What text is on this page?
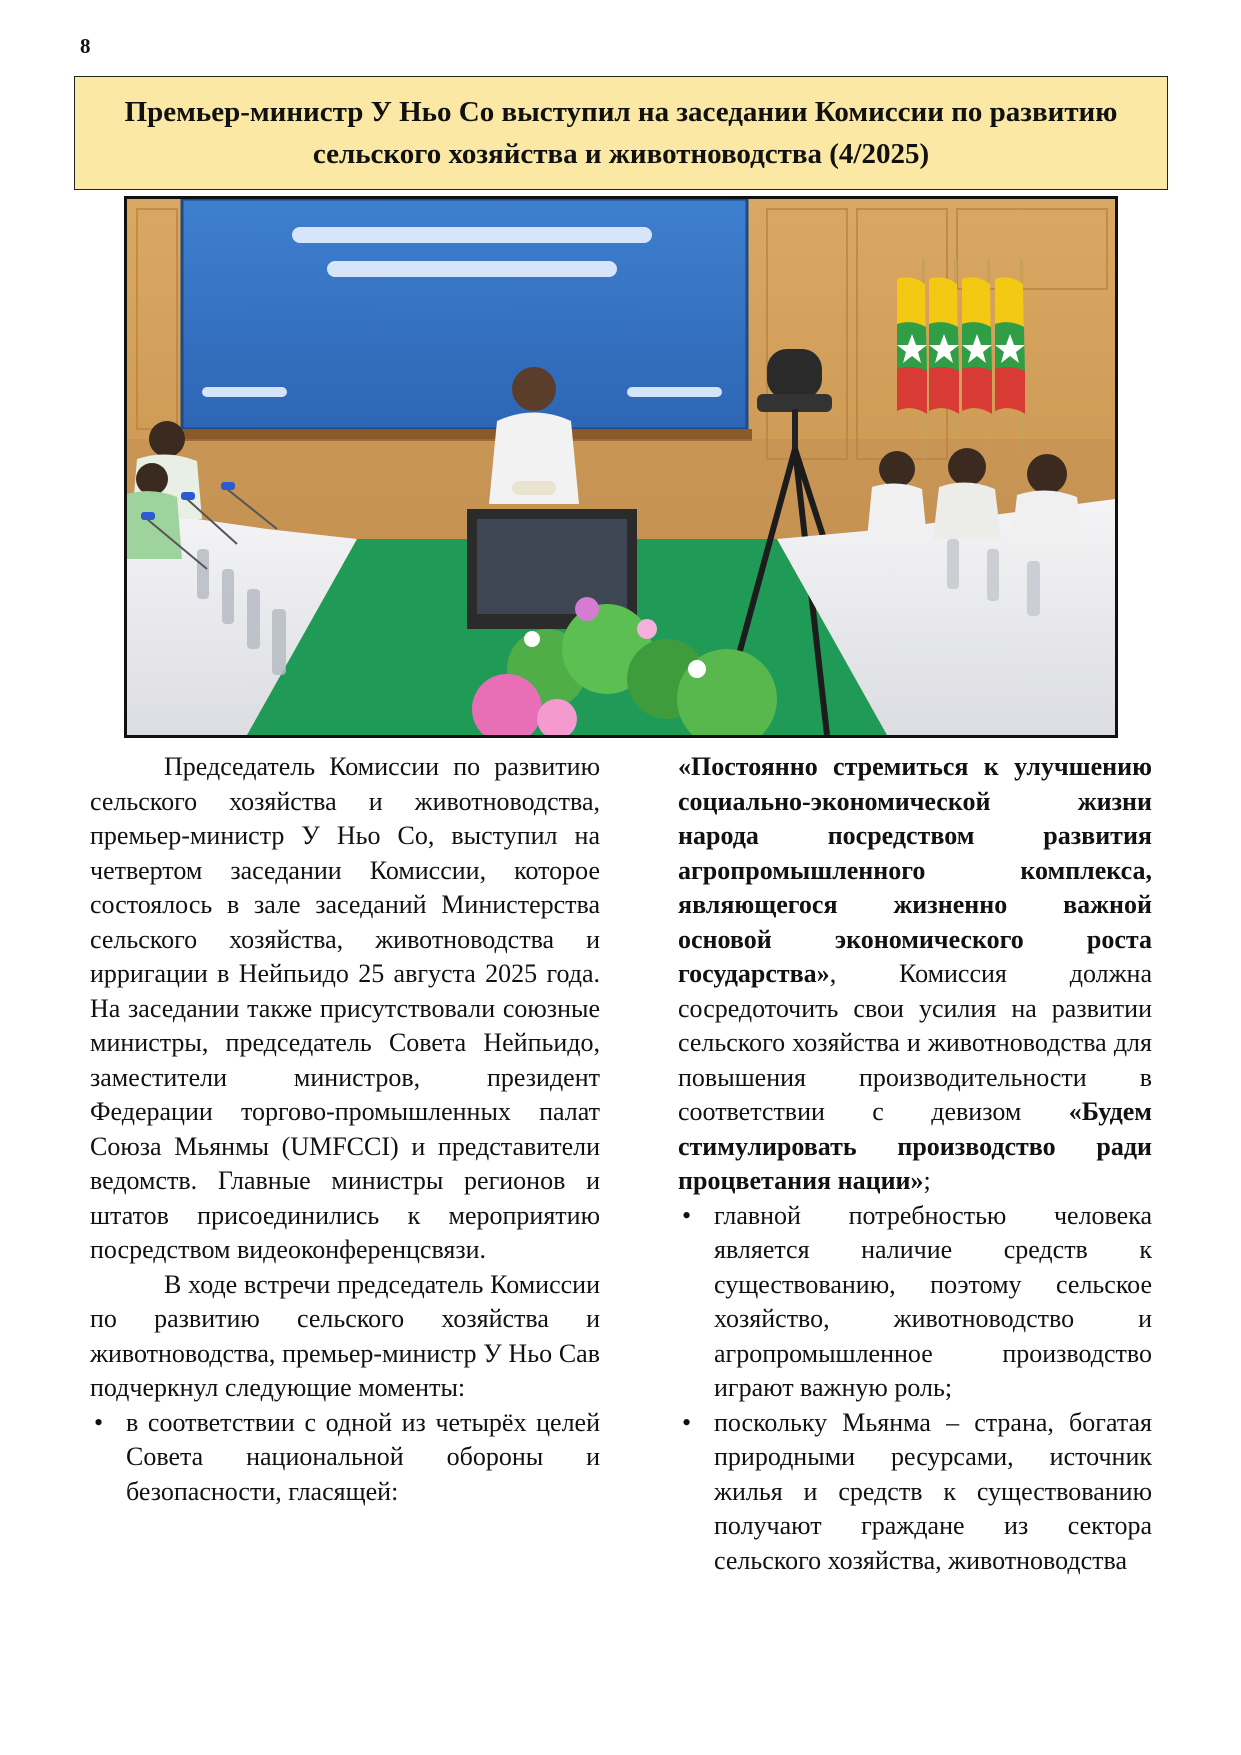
8
Премьер-министр У Ньо Со выступил на заседании Комиссии по развитию сельского хозяйства и животноводства (4/2025)

Председатель Комиссии по развитию сельского хозяйства и животноводства, премьер-министр У Ньо Со, выступил на четвертом заседании Комиссии, которое состоялось в зале заседаний Министерства сельского хозяйства, животноводства и ирригации в Нейпьидо 25 августа 2025 года. На заседании также присутствовали союзные министры, председатель Совета Нейпьидо, заместители министров, президент Федерации торгово-промышленных палат Союза Мьянмы (UMFCCI) и представители ведомств. Главные министры регионов и штатов присоединились к мероприятию посредством видеоконференцсвязи.

В ходе встречи председатель Комиссии по развитию сельского хозяйства и животноводства, премьер-министр У Ньо Сав подчеркнул следующие моменты:

• в соответствии с одной из четырёх целей Совета национальной обороны и безопасности, гласящей:

«Постоянно стремиться к улучшению социально-экономической жизни народа посредством развития агропромышленного комплекса, являющегося жизненно важной основой экономического роста государства», Комиссия должна сосредоточить свои усилия на развитии сельского хозяйства и животноводства для повышения производительности в соответствии с девизом «Будем стимулировать производство ради процветания нации»;

• главной потребностью человека является наличие средств к существованию, поэтому сельское хозяйство, животноводство и агропромышленное производство играют важную роль;
• поскольку Мьянма – страна, богатая природными ресурсами, источник жилья и средств к существованию получают граждане из сектора сельского хозяйства, животноводства
